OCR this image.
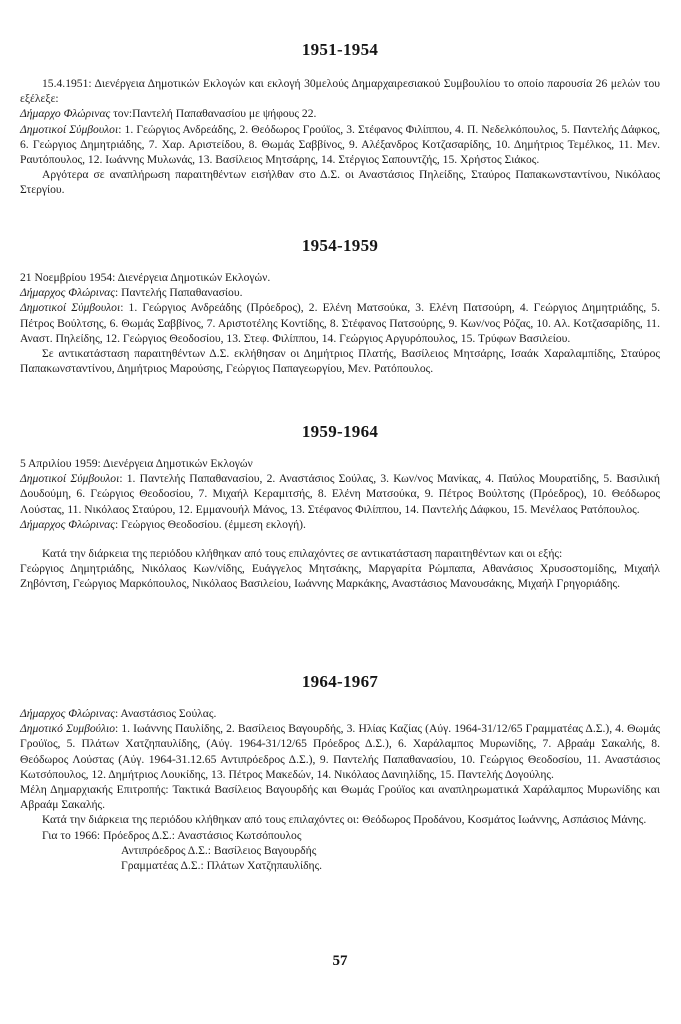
1951-1954

15.4.1951: Διενέργεια Δημοτικών Εκλογών και εκλογή 30μελούς Δημαρχαιρεσιακού Συμβουλίου το οποίο παρουσία 26 μελών του εξέλεξε:

Δήμαρχο Φλώρινας τον:Παντελή Παπαθανασίου με ψήφους 22.

Δημοτικοί Σύμβουλοι: 1. Γεώργιος Ανδρεάδης, 2. Θεόδωρος Γρούϊος, 3. Στέφανος Φιλίππου, 4. Π. Νεδελκόπουλος, 5. Παντελής Δάφκος, 6. Γεώργιος Δημητριάδης, 7. Χαρ. Αριστείδου, 8. Θωμάς Σαββίνος, 9. Αλέξανδρος Κοτζασαρίδης, 10. Δημήτριος Τεμέλκος, 11. Μεν. Ραυτόπουλος, 12. Ιωάννης Μυλωνάς, 13. Βασίλειος Μητσάρης, 14. Στέργιος Σαπουντζής, 15. Χρήστος Σιάκος.

Αργότερα σε αναπλήρωση παραιτηθέντων εισήλθαν στο Δ.Σ. οι Αναστάσιος Πηλείδης, Σταύρος Παπακωνσταντίνου, Νικόλαος Στεργίου.

1954-1959

21 Νοεμβρίου 1954: Διενέργεια Δημοτικών Εκλογών.

Δήμαρχος Φλώρινας: Παντελής Παπαθανασίου.

Δημοτικοί Σύμβουλοι: 1. Γεώργιος Ανδρεάδης (Πρόεδρος), 2. Ελένη Ματσούκα, 3. Ελένη Πατσούρη, 4. Γεώργιος Δημητριάδης, 5. Πέτρος Βούλτσης, 6. Θωμάς Σαββίνος, 7. Αριστοτέλης Κοντίδης, 8. Στέφανος Πατσούρης, 9. Κων/νος Ρόζας, 10. Αλ. Κοτζασαρίδης, 11. Αναστ. Πηλείδης, 12. Γεώργιος Θεοδοσίου, 13. Στεφ. Φιλίππου, 14. Γεώργιος Αργυρόπουλος, 15. Τρύφων Βασιλείου.

Σε αντικατάσταση παραιτηθέντων Δ.Σ. εκλήθησαν οι Δημήτριος Πλατής, Βασίλειος Μητσάρης, Ισαάκ Χαραλαμπίδης, Σταύρος Παπακωνσταντίνου, Δημήτριος Μαρούσης, Γεώργιος Παπαγεωργίου, Μεν. Ρατόπουλος.

1959-1964

5 Απριλίου 1959: Διενέργεια Δημοτικών Εκλογών

Δημοτικοί Σύμβουλοι: 1. Παντελής Παπαθανασίου, 2. Αναστάσιος Σούλας, 3. Κων/νος Μανίκας, 4. Παύλος Μουρατίδης, 5. Βασιλική Δουδούμη, 6. Γεώργιος Θεοδοσίου, 7. Μιχαήλ Κεραμιτσής, 8. Ελένη Ματσούκα, 9. Πέτρος Βούλτσης (Πρόεδρος), 10. Θεόδωρος Λούστας, 11. Νικόλαος Σταύρου, 12. Εμμανουήλ Μάνος, 13. Στέφανος Φιλίππου, 14. Παντελής Δάφκου, 15. Μενέλαος Ρατόπουλος.

Δήμαρχος Φλώρινας: Γεώργιος Θεοδοσίου. (έμμεση εκλογή).

Κατά την διάρκεια της περιόδου κλήθηκαν από τους επιλαχόντες σε αντικατάσταση παραιτηθέντων και οι εξής:

Γεώργιος Δημητριάδης, Νικόλαος Κων/νίδης, Ευάγγελος Μητσάκης, Μαργαρίτα Ρώμπαπα, Αθανάσιος Χρυσοστομίδης, Μιχαήλ Ζηβόντση, Γεώργιος Μαρκόπουλος, Νικόλαος Βασιλείου, Ιωάννης Μαρκάκης, Αναστάσιος Μανουσάκης, Μιχαήλ Γρηγοριάδης.

1964-1967

Δήμαρχος Φλώρινας: Αναστάσιος Σούλας.

Δημοτικό Συμβούλιο: 1. Ιωάννης Παυλίδης, 2. Βασίλειος Βαγουρδής, 3. Ηλίας Καζίας (Αύγ. 1964-31/12/65 Γραμματέας Δ.Σ.), 4. Θωμάς Γρούϊος, 5. Πλάτων Χατζηπαυλίδης, (Αύγ. 1964-31/12/65 Πρόεδρος Δ.Σ.), 6. Χαράλαμπος Μυρωνίδης, 7. Αβραάμ Σακαλής, 8. Θεόδωρος Λούστας (Αύγ. 1964-31.12.65 Αντιπρόεδρος Δ.Σ.), 9. Παντελής Παπαθανασίου, 10. Γεώργιος Θεοδοσίου, 11. Αναστάσιος Κωτσόπουλος, 12. Δημήτριος Λουκίδης, 13. Πέτρος Μακεδών, 14. Νικόλαος Δανιηλίδης, 15. Παντελής Δογούλης.

Μέλη Δημαρχιακής Επιτροπής: Τακτικά Βασίλειος Βαγουρδής και Θωμάς Γρούϊος και αναπληρωματικά Χαράλαμπος Μυρωνίδης και Αβραάμ Σακαλής.

Κατά την διάρκεια της περιόδου κλήθηκαν από τους επιλαχόντες οι: Θεόδωρος Προδάνου, Κοσμάτος Ιωάννης, Ασπάσιος Μάνης.

Για το 1966: Πρόεδρος Δ.Σ.: Αναστάσιος Κωτσόπουλος
Αντιπρόεδρος Δ.Σ.: Βασίλειος Βαγουρδής
Γραμματέας Δ.Σ.: Πλάτων Χατζηπαυλίδης.
57
